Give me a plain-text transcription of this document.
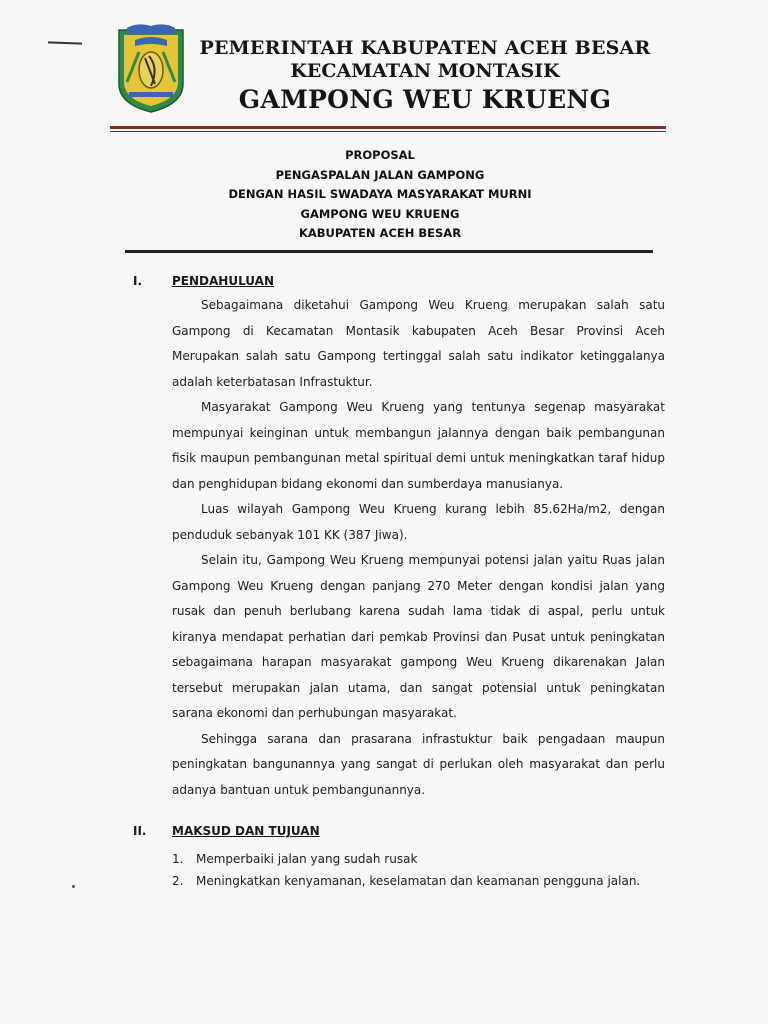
PEMERINTAH KABUPATEN ACEH BESAR
KECAMATAN MONTASIK
GAMPONG WEU KRUENG
PROPOSAL
PENGASPALAN JALAN GAMPONG
DENGAN HASIL SWADAYA MASYARAKAT MURNI
GAMPONG WEU KRUENG
KABUPATEN ACEH BESAR
I. PENDAHULUAN

Sebagaimana diketahui Gampong Weu Krueng merupakan salah satu Gampong di Kecamatan Montasik kabupaten Aceh Besar Provinsi Aceh Merupakan salah satu Gampong tertinggal salah satu indikator ketinggalanya adalah keterbatasan Infrastuktur.

Masyarakat Gampong Weu Krueng yang tentunya segenap masyarakat mempunyai keinginan untuk membangun jalannya dengan baik pembangunan fisik maupun pembangunan metal spiritual demi untuk meningkatkan taraf hidup dan penghidupan bidang ekonomi dan sumberdaya manusianya.

Luas wilayah Gampong Weu Krueng kurang lebih 85.62Ha/m2, dengan penduduk sebanyak 101 KK (387 Jiwa).

Selain itu, Gampong Weu Krueng mempunyai potensi jalan yaitu Ruas jalan Gampong Weu Krueng dengan panjang 270 Meter dengan kondisi jalan yang rusak dan penuh berlubang karena sudah lama tidak di aspal, perlu untuk kiranya mendapat perhatian dari pemkab Provinsi dan Pusat untuk peningkatan sebagaimana harapan masyarakat gampong Weu Krueng dikarenakan Jalan tersebut merupakan jalan utama, dan sangat potensial untuk peningkatan sarana ekonomi dan perhubungan masyarakat.

Sehingga sarana dan prasarana infrastuktur baik pengadaan maupun peningkatan bangunannya yang sangat di perlukan oleh masyarakat dan perlu adanya bantuan untuk pembangunannya.

II. MAKSUD DAN TUJUAN
1.	Memperbaiki jalan yang sudah rusak
2.	Meningkatkan kenyamanan, keselamatan dan keamanan pengguna jalan.
